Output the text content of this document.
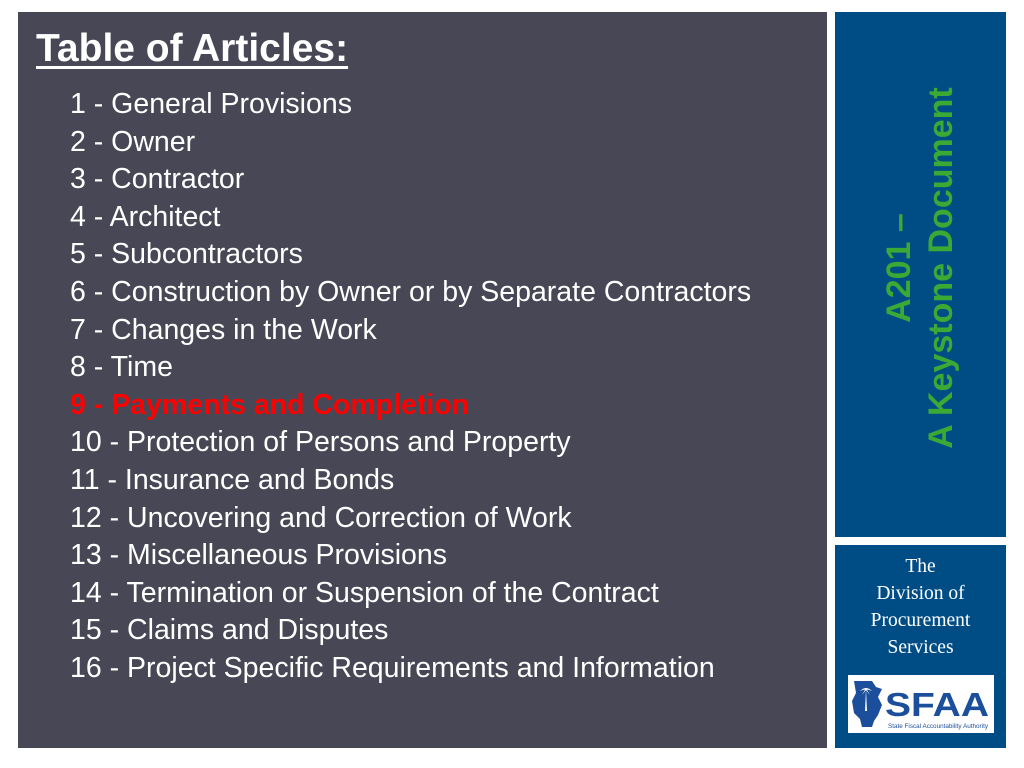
Table of Articles:
1 - General Provisions
2 - Owner
3 - Contractor
4 - Architect
5 - Subcontractors
6 - Construction by Owner or by Separate Contractors
7 - Changes in the Work
8 - Time
9 - Payments and Completion
10 - Protection of Persons and Property
11 - Insurance and Bonds
12 - Uncovering and Correction of Work
13 - Miscellaneous Provisions
14 - Termination or Suspension of the Contract
15 - Claims and Disputes
16 - Project Specific Requirements and Information
A201 – A Keystone Document
The
Division of
Procurement
Services
SFAA
State Fiscal Accountability Authority
